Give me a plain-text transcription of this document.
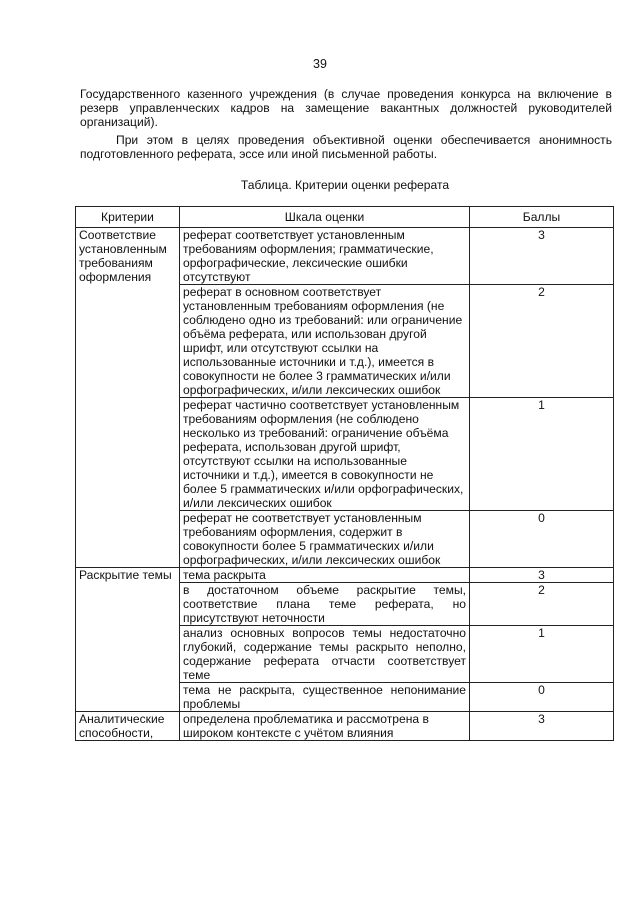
39

Государственного казенного учреждения (в случае проведения конкурса на включение в резерв управленческих кадров на замещение вакантных должностей руководителей организаций).

При этом в целях проведения объективной оценки обеспечивается анонимность подготовленного реферата, эссе или иной письменной работы.

Таблица. Критерии оценки реферата
Критерии	Шкала оценки	Баллы
Соответствие установленным требованиям оформления	реферат соответствует установленным требованиям оформления; грамматические, орфографические, лексические ошибки отсутствуют	3
	реферат в основном соответствует установленным требованиям оформления (не соблюдено одно из требований: или ограничение объёма реферата, или использован другой шрифт, или отсутствуют ссылки на использованные источники и т.д.), имеется в совокупности не более 3 грамматических и/или орфографических, и/или лексических ошибок	2
	реферат частично соответствует установленным требованиям оформления (не соблюдено несколько из требований: ограничение объёма реферата, использован другой шрифт, отсутствуют ссылки на использованные источники и т.д.), имеется в совокупности не более 5 грамматических и/или орфографических, и/или лексических ошибок	1
	реферат не соответствует установленным требованиям оформления, содержит в совокупности более 5 грамматических и/или орфографических, и/или лексических ошибок	0
Раскрытие темы	тема раскрыта	3
	в достаточном объеме раскрытие темы, соответствие плана теме реферата, но присутствуют неточности	2
	анализ основных вопросов темы недостаточно глубокий, содержание темы раскрыто неполно, содержание реферата отчасти соответствует теме	1
	тема не раскрыта, существенное непонимание проблемы	0
Аналитические способности,	определена проблематика и рассмотрена в широком контексте с учётом влияния	3
